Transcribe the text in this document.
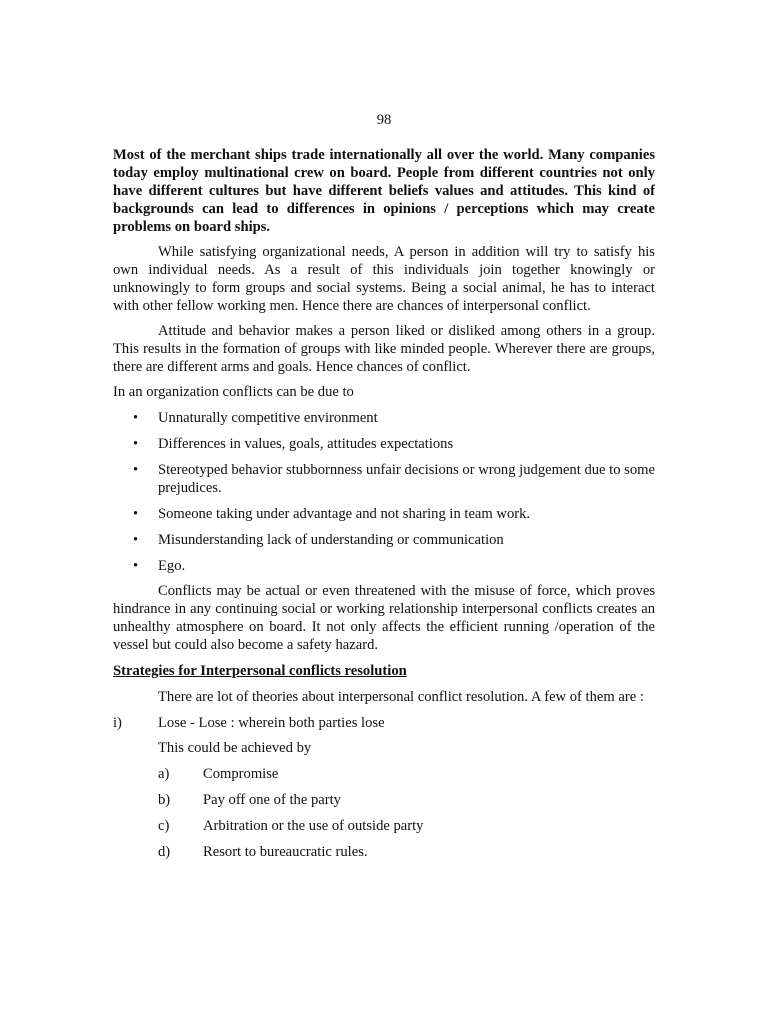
98

Most of the merchant ships trade internationally all over the world. Many companies today employ multinational crew on board. People from different countries not only have different cultures but have different beliefs values and attitudes. This kind of backgrounds can lead to differences in opinions / perceptions which may create problems on board ships.

While satisfying organizational needs, A person in addition will try to satisfy his own individual needs. As a result of this individuals join together knowingly or unknowingly to form groups and social systems. Being a social animal, he has to interact with other fellow working men. Hence there are chances of interpersonal conflict.

Attitude and behavior makes a person liked or disliked among others in a group. This results in the formation of groups with like minded people. Wherever there are groups, there are different arms and goals. Hence chances of conflict.

In an organization conflicts can be due to

• Unnaturally competitive environment
• Differences in values, goals, attitudes expectations
• Stereotyped behavior stubbornness unfair decisions or wrong judgement due to some prejudices.
• Someone taking under advantage and not sharing in team work.
• Misunderstanding lack of understanding or communication
• Ego.

Conflicts may be actual or even threatened with the misuse of force, which proves hindrance in any continuing social or working relationship interpersonal conflicts creates an unhealthy atmosphere on board. It not only affects the efficient running /operation of the vessel but could also become a safety hazard.

Strategies for Interpersonal conflicts resolution

There are lot of theories about interpersonal conflict resolution. A few of them are :

i) Lose - Lose : wherein both parties lose

This could be achieved by

a) Compromise
b) Pay off one of the party
c) Arbitration or the use of outside party
d) Resort to bureaucratic rules.
